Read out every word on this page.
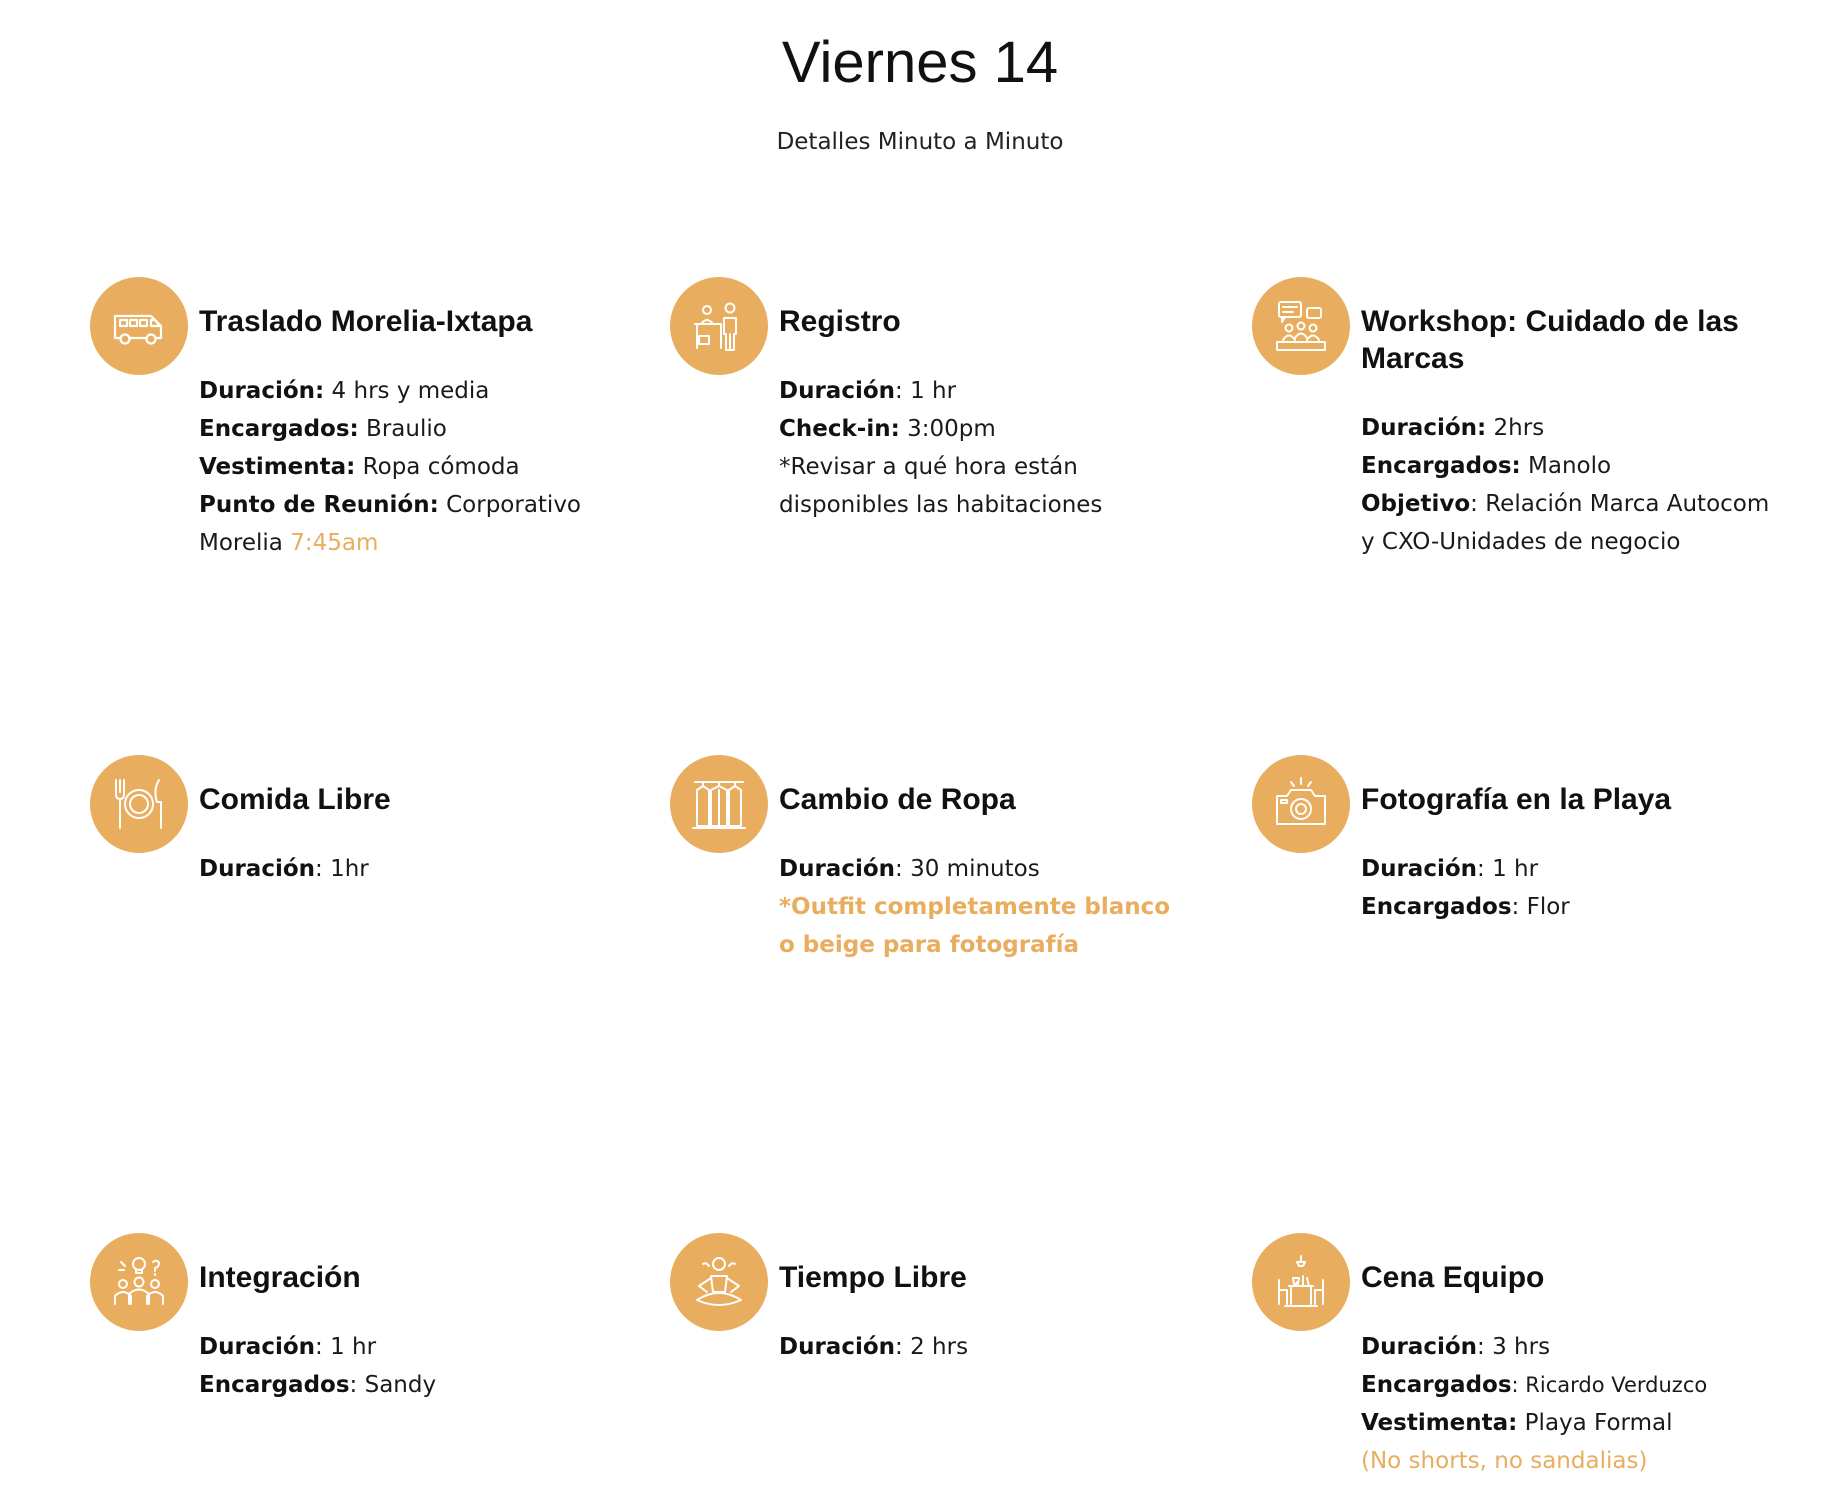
Viernes 14
Detalles Minuto a Minuto
Traslado Morelia-Ixtapa
Duración: 4 hrs y media
Encargados: Braulio
Vestimenta: Ropa cómoda
Punto de Reunión: Corporativo Morelia 7:45am
Registro
Duración: 1 hr
Check-in: 3:00pm
*Revisar a qué hora están disponibles las habitaciones
Workshop: Cuidado de las Marcas
Duración: 2hrs
Encargados: Manolo
Objetivo: Relación Marca Autocom y CXO-Unidades de negocio
Comida Libre
Duración: 1hr
Cambio de Ropa
Duración: 30 minutos
*Outfit completamente blanco o beige para fotografía
Fotografía en la Playa
Duración: 1 hr
Encargados: Flor
Integración
Duración: 1 hr
Encargados: Sandy
Tiempo Libre
Duración: 2 hrs
Cena Equipo
Duración: 3 hrs
Encargados: Ricardo Verduzco
Vestimenta: Playa Formal
(No shorts, no sandalias)
